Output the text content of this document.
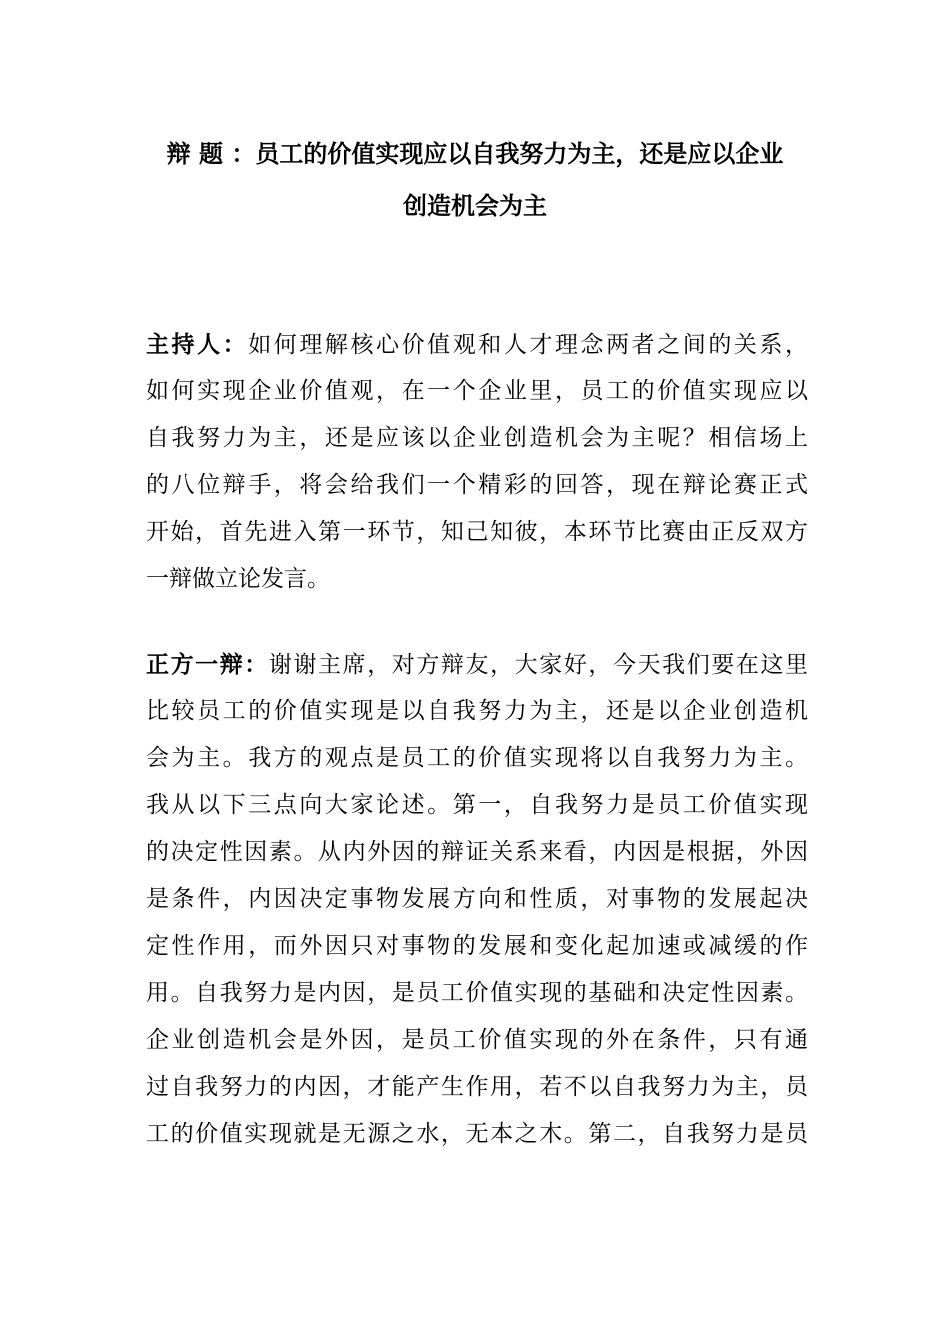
辩 题 ：员工的价值实现应以自我努力为主，还是应以企业
创造机会为主
主持人：如何理解核心价值观和人才理念两者之间的关系，
如何实现企业价值观，在一个企业里，员工的价值实现应以
自我努力为主，还是应该以企业创造机会为主呢？相信场上
的八位辩手，将会给我们一个精彩的回答，现在辩论赛正式
开始，首先进入第一环节，知己知彼，本环节比赛由正反双方
一辩做立论发言。
正方一辩：谢谢主席，对方辩友，大家好，今天我们要在这里
比较员工的价值实现是以自我努力为主，还是以企业创造机
会为主。我方的观点是员工的价值实现将以自我努力为主。
我从以下三点向大家论述。第一，自我努力是员工价值实现
的决定性因素。从内外因的辩证关系来看，内因是根据，外因
是条件，内因决定事物发展方向和性质，对事物的发展起决
定性作用，而外因只对事物的发展和变化起加速或减缓的作
用。自我努力是内因，是员工价值实现的基础和决定性因素。
企业创造机会是外因，是员工价值实现的外在条件，只有通
过自我努力的内因，才能产生作用，若不以自我努力为主，员
工的价值实现就是无源之水，无本之木。第二，自我努力是员
